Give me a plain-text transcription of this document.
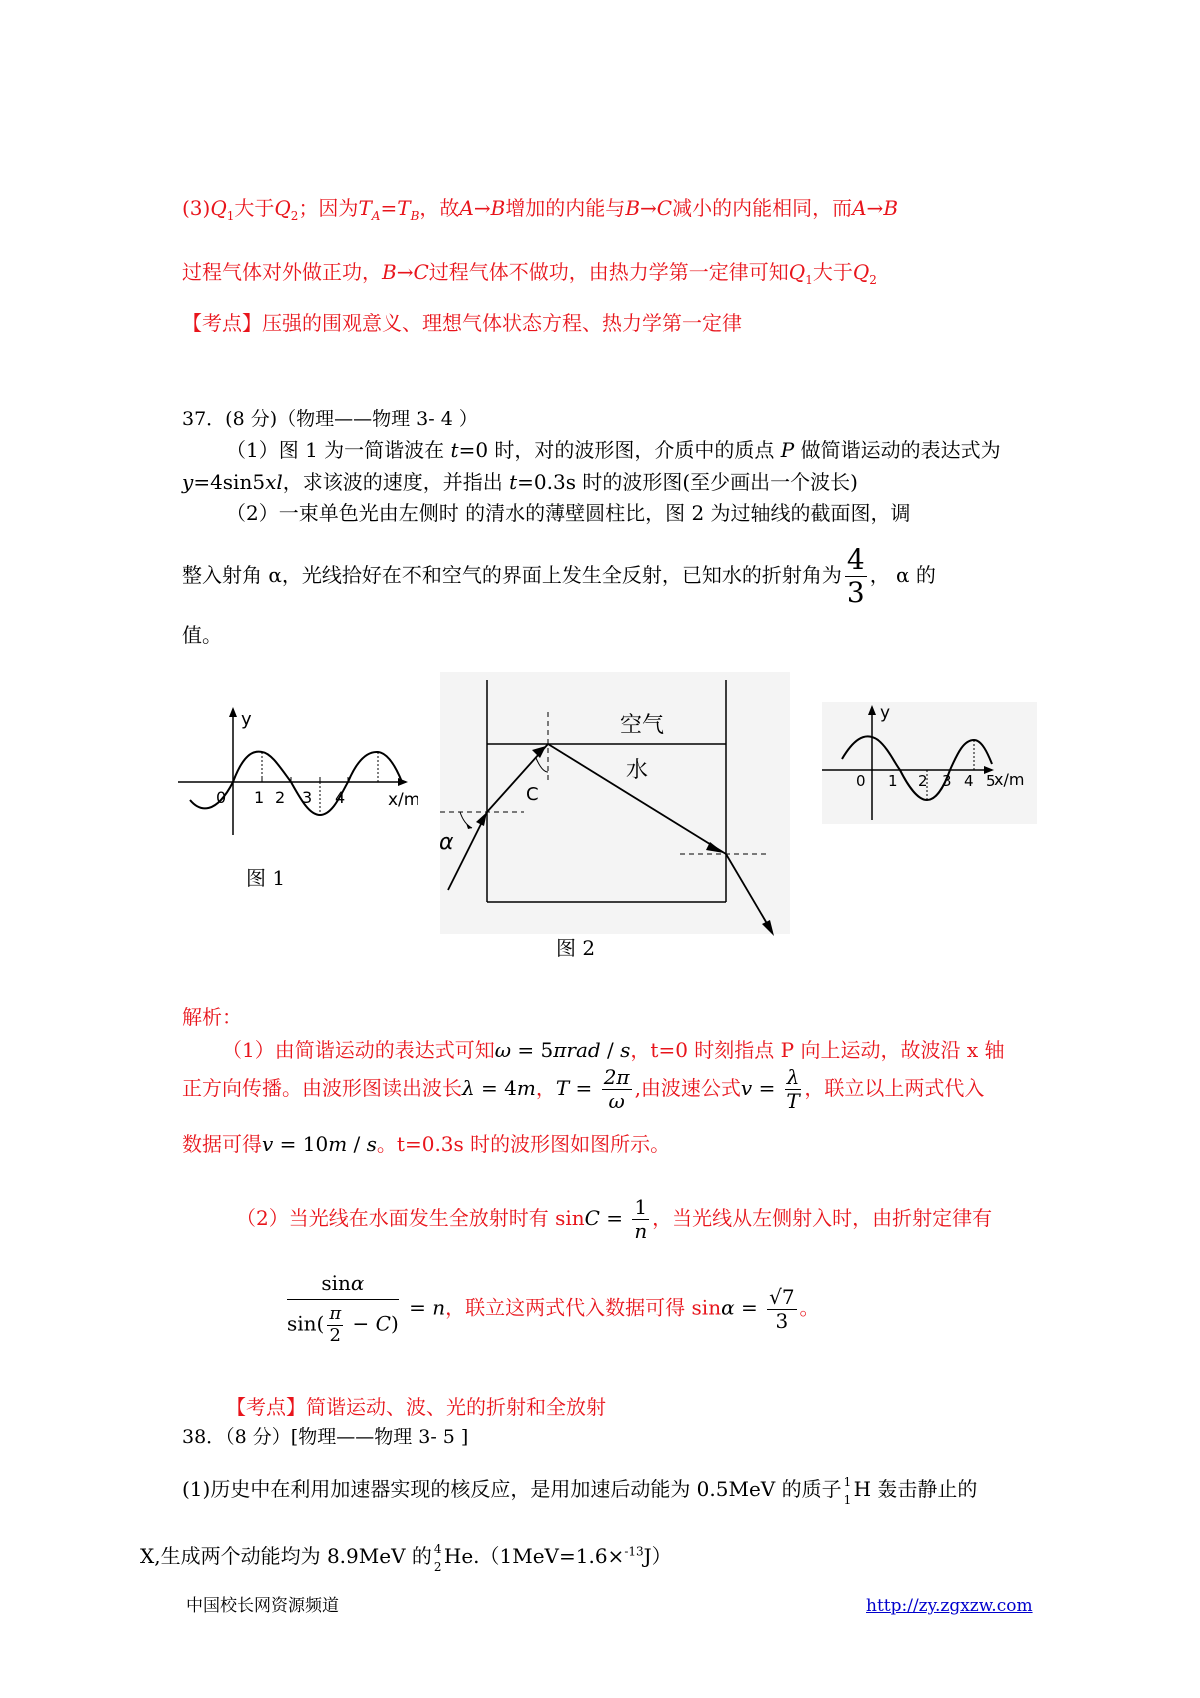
$(3)Q_1$大于$Q_2$；因为$T_A=T_B$，故A→B增加的内能与B→C减小的内能相同，而A→B
过程气体对外做正功，B→C过程气体不做功，由热力学第一定律可知$Q_1$大于$Q_2$
【考点】压强的围观意义、理想气体状态方程、热力学第一定律
37．(8 分)（物理——物理 3- 4 ）
（1）图 1 为一简谐波在 t=0 时，对的波形图，介质中的质点 P 做简谐运动的表达式为
y=4sin5xl，求该波的速度，并指出 t=0.3s 时的波形图(至少画出一个波长)
（2）一束单色光由左侧时 的清水的薄壁圆柱比，图 2 为过轴线的截面图，调
整入射角 α，光线拾好在不和空气的界面上发生全反射，已知水的折射角为 $\frac{4}{3}$ ， α 的
值。
y
x/m
0 1 2 3 4
图 1
空气
水
C
α
图 2
y
x/m
0 1 2 3 4 5
解析：
（1）由简谐运动的表达式可知ω = 5πrad / s，t=0 时刻指点 P 向上运动，故波沿 x 轴
正方向传播。由波形图读出波长λ = 4m，$T = \frac{2\pi}{\omega}$ ,由波速公式$v = \frac{\lambda}{T}$ ，联立以上两式代入
数据可得v = 10m / s。t=0.3s 时的波形图如图所示。
（2）当光线在水面发生全放射时有 $\sin C = \frac{1}{n}$ ，当光线从左侧射入时，由折射定律有
$\frac{\sin\alpha}{\sin( \frac{\pi}{2} - C)} = n$，联立这两式代入数据可得 $\sin\alpha = \frac{√7}{3}$ 。
【考点】简谐运动、波、光的折射和全放射
38．（8 分）[物理——物理 3- 5 ]
(1)历史中在利用加速器实现的核反应，是用加速后动能为 0.5MeV 的质子 1
1 H 轰击静止的
X,生成两个动能均为 8.9MeV 的 4
2 He.（1MeV=1.6×$^{-13}$J）
中国校长网资源频道	http://zy.zgxzw.com
